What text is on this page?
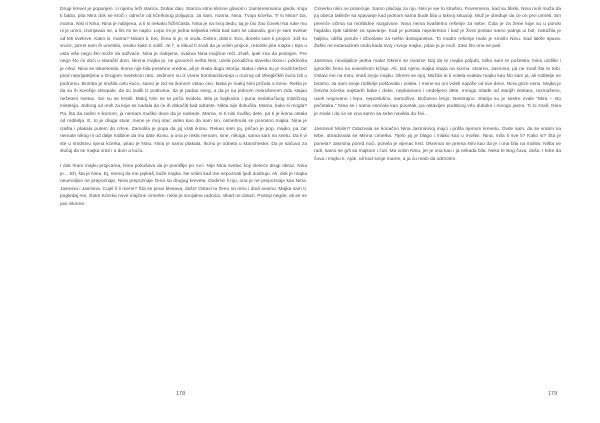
Drugi krevet je popunjen. U njemu leži starica. Dobar dan. Starica sitno klimne glavom i zainteresovano gleda. Koja ti baba, pita Mira dok se kroči i odmiče od kčerkinog poljupca. Ja sam, mama. Nina. Tvoja kćerka. Ti si Nina? Da, mama. Nisi ti Nina. Nina je nabijena, a ti si nekako fićfirićasta. Nina je na svoj dedu, taj je bio žao čovek! Na ruke mu ni je umro, izvinjavao se, a lini mi se napio. Lepo mi je jedna seljanka rekla kad sam se udavala, gori je sam svekar od teti svekrve. Kako si, mama? Nisam ti, bre, žena ni je, ni onda. Dobro, dobro. Evo, donela sam ti projice. Još su vruće, jutros sam ih umesila, onako kako ti voliš. Je l', a otkud ti znaš da ja volim projice, retorski pita majka i trpa u usta više nego što može da sažvaće. Nina je nabijena, ovakva Nina majčine reči. Znaš, ipak zna da postojim. Pre nego što će doći u starački dom, Ninina majka je, ne govoreći nešta Nini, uzela porodičnu slavsku ikonu i poklonila je crkvi. Nina se iskamenila. Ikona nije bila posebno vredna, ali je imala dugu istoriju. Baka i deka su je noulli bežeći pred neprijateljima u Drugom svetskom ratu. Jedinom su iz vrane bombardovanja u noćnoj od izbegličkih kuća bili u podrumu. Bomba je srušila celu kuću, samo je zid sa ikonom ostao ceo. Baka je maloj Nini pričala o tome. Rekla je da su ih komšije otkopale, da su izašli iz podruma, da je padao sneg, a da je na jednom nesrušenom zidu stajao nežeteni svetac. Svi su se krstili. Maloj Nini se ta priča svidela. Bila je bajkovita i puna nedokučivog mističnog misterija. Jednog od onih za koje se nadala da će ih dokučiti kad odraste. Nikta nije dokučila. Mama, kako si mogla? Pa, šta da radim s ikonom, ja nemam muške dece da je naslede. Mama, ni ti nisi muško dete, pa ti je ikona ostala od roditelja. E, to je druga stvar, mene je moj otac video kao da sam sin, osmehnula se ponosno majka. Nina je izašla i plakala putem do crkve. Zamolila je popa da joj vrati ikonu. Rekao sam joj, pričao je pop, majko, pa zar nemate nikog ni od dalje rodbine da mu date ikonu, a ona je rekla nemam, sine, nikoga, sama sam na svetu. Da li vi ste u srodstvu njena kćerka, pitao je Ninu. Nina je samo plakala. Ikonu je odnela u Manchester. Da je sačuva za slučaj da se majka vrati i u dom a kuću.

I dok hrani majku projicama, Nina pokušava da je pomišlje po ruci. Nije Nina svetac koji oleteće drugi obraz, Nina je… Eh, šta je Nina. Ej, nemoj da me pipkaš, kaže majka. Ne volim kad me nepoznati ljudi dodiruju. Ali, dok je majka neumoljivo ne prepoznaje, Nina prepoznaje žena sa drugog kreveta. Dodirne li nju, ona je ne prepoznaje kao Nina. Jasmina i Jasmina. Cujel li ti mene? Šta se pravi blesava, dušo! Ostavi tu ženu na miru i dodi ovamo. Majka sam ti, pogledaj me, zlato! Kćerka nove majčine cimerke, rekla je socijalna radnica, nikad ne dolazi. Postoji negde, ali se ne javi nikome.

178

Cimerku niko ne posećuje. Samo plaćaju za nju. Nini je we to strašno. Povremeno, kad su bliski, Nina moli muža da joj obeća takleže sa spavanje kad jednom sama bude bila u takvoj situaciji. Muž je ubeđuje da će on prvi umreti. Sin prevrće očima na morbidne razgovore. Nina nema kvalitetno rešenje za sebe. Čula je za žene koje su u poruki hajdaku zjde tablete za spavanje. Kad je postala nepokretna i kad je život postao samo patnja ui bol, zatražila je haljinu, otišla porubi i izborilase za nešto dostojanstva. To mudro rešenje malo je smirilo Ninu. Sad lakše spava. Žašto ne eutanazirati onda kada svoj i svoju majku, pitao ju je muž. Zato što ona ne pati.

Jasmina, nevaljalice jedna mala! Okreni se ovamo! Daj da te majka poljubi, tolko sam te poželela. Nina uzdiše i ignoriše žena na susednom krčaju. Ali, tad njena majka stupa na scenu: stvarno, Jasmina, pa ne znaš šta te tebi. Ostavi me na miru, imaš svoju majku. Okreni se njoj. Možda te ti volela ovakav majku kao što sam ja, ali roditelje ne biramo. Ja sam svoje roditelje poštovala i volela. I mene su oni voleli najviše od sve dece. Nina grize usnu. Majka je četvrta kćerka najstarih bake i deke, neplanirano i nedeljeno dete, mnogo mlađe od starijih sestara, razmaženo, uvek negovano i lepo, neposlušno, samoživo. Božanno lenjo. Neistrajno. Starija su je sestre zvale "Mira – sto početaka." Nina se i sama osećala kao pocetak, pa ostavljen podsticaj vrlo duboko i mnogo jasno. Ti to znaš, Nina je znala i da će se ona samo sa sebe navikla da živi...

Jasmina! Molim? Odazvala se konačno Nina Jasmininoj majci i prišla njenom krevetu. Ovde sam, da se vratim na tebe, obradovala se Mirina cimerka. Tijelo joj je blago i mlako kao u molitvi. Nina, mila ti sve li? Kako si? Šta je ponela? Jasmina pored noći, ponela je vijenac krst. Okrenuo se prema Nini kao da je i ona bila na molitvi. Ništa ne radi, samo se grli sa majkom i ćuti. Ma volim Ninu, jer je ona kao i ja nekada bila. Neka te Bog čuva, dušo. I tebe da čuva i majku ti. Ajde, idi kod svoje mame, a ja ću malo da odmorim.

179
